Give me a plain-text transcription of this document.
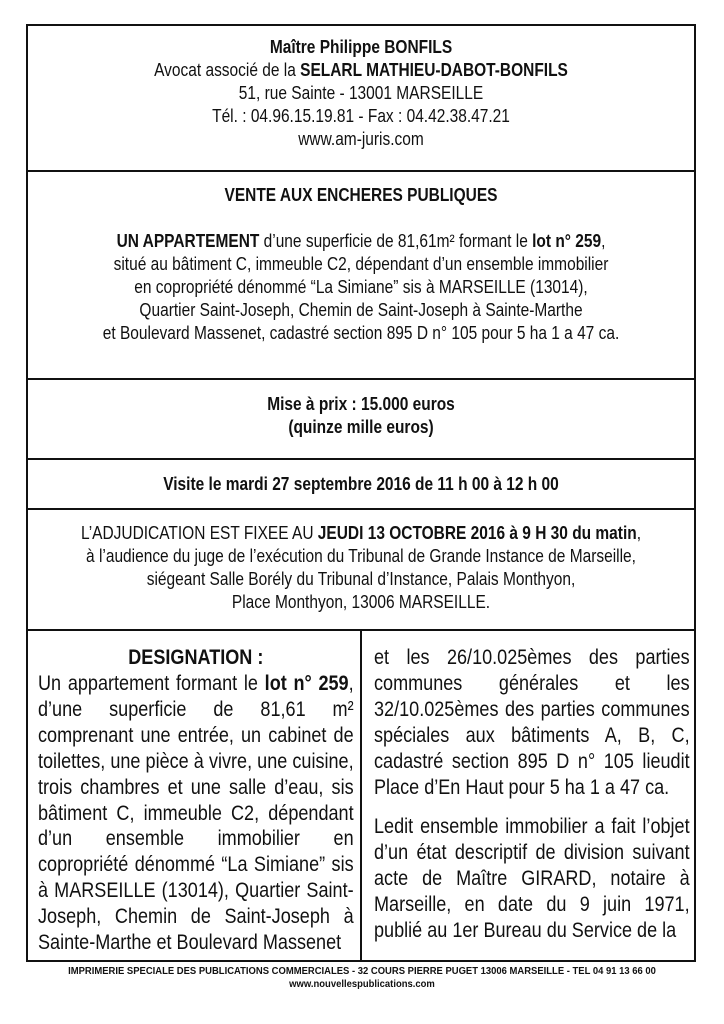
Maître Philippe BONFILS
Avocat associé de la SELARL MATHIEU-DABOT-BONFILS
51, rue Sainte - 13001 MARSEILLE
Tél. : 04.96.15.19.81 - Fax : 04.42.38.47.21
www.am-juris.com
VENTE AUX ENCHERES PUBLIQUES
UN APPARTEMENT d’une superficie de 81,61m² formant le lot n° 259,
situé au bâtiment C, immeuble C2, dépendant d’un ensemble immobilier
en copropriété dénommé “La Simiane” sis à MARSEILLE (13014),
Quartier Saint-Joseph, Chemin de Saint-Joseph à Sainte-Marthe
et Boulevard Massenet, cadastré section 895 D n° 105 pour 5 ha 1 a 47 ca.
Mise à prix : 15.000 euros
(quinze mille euros)
Visite le mardi 27 septembre 2016 de 11 h 00 à 12 h 00
L’ADJUDICATION EST FIXEE AU JEUDI 13 OCTOBRE 2016 à 9 H 30 du matin,
à l’audience du juge de l’exécution du Tribunal de Grande Instance de Marseille,
siégeant Salle Borély du Tribunal d’Instance, Palais Monthyon,
Place Monthyon, 13006 MARSEILLE.
DESIGNATION :

Un appartement formant le lot n° 259, d’une superficie de 81,61 m² comprenant une entrée, un cabinet de toilettes, une pièce à vivre, une cuisine, trois chambres et une salle d’eau, sis bâtiment C, immeuble C2, dépendant d’un ensemble immobilier en copropriété dénommé “La Simiane” sis à MARSEILLE (13014), Quartier Saint-Joseph, Chemin de Saint-Joseph à Sainte-Marthe et Boulevard Massenet

et les 26/10.025èmes des parties communes générales et les 32/10.025èmes des parties communes spéciales aux bâtiments A, B, C, cadastré section 895 D n° 105 lieudit Place d’En Haut pour 5 ha 1 a 47 ca.

Ledit ensemble immobilier a fait l’objet d’un état descriptif de division suivant acte de Maître GIRARD, notaire à Marseille, en date du 9 juin 1971, publié au 1er Bureau du Service de la

IMPRIMERIE SPECIALE DES PUBLICATIONS COMMERCIALES - 32 COURS PIERRE PUGET 13006 MARSEILLE - TEL 04 91 13 66 00
www.nouvellespublications.com
